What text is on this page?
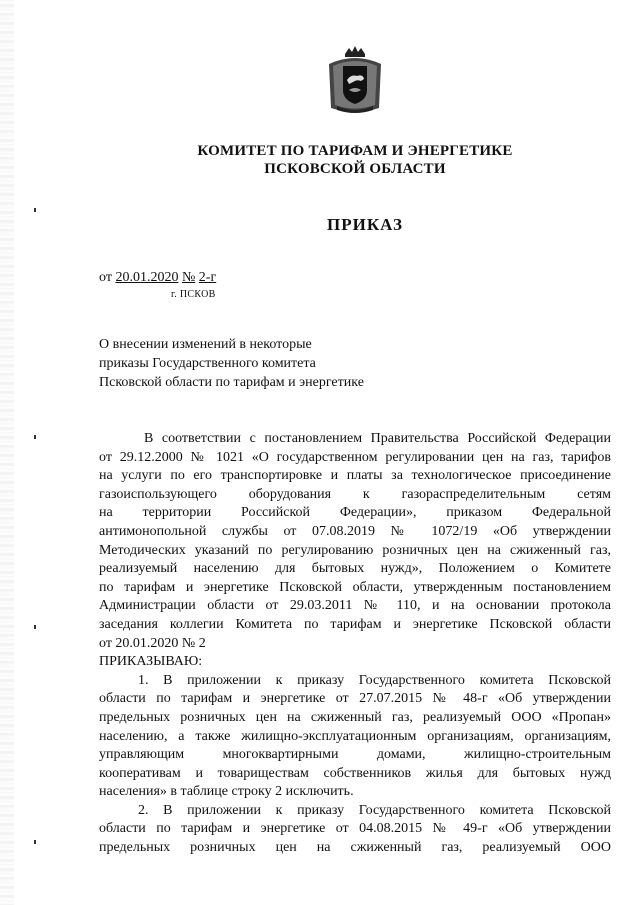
КОМИТЕТ ПО ТАРИФАМ И ЭНЕРГЕТИКЕ
ПСКОВСКОЙ ОБЛАСТИ
ПРИКАЗ
от 20.01.2020 № 2-г
г. ПСКОВ
О внесении изменений в некоторые
приказы Государственного комитета
Псковской области по тарифам и энергетике
В соответствии с постановлением Правительства Российской Федерации
от 29.12.2000 № 1021 «О государственном регулировании цен на газ, тарифов
на услуги по его транспортировке и платы за технологическое присоединение
газоиспользующего оборудования к газораспределительным сетям
на территории Российской Федерации», приказом Федеральной
антимонопольной службы от 07.08.2019 № 1072/19 «Об утверждении
Методических указаний по регулированию розничных цен на сжиженный газ,
реализуемый населению для бытовых нужд», Положением о Комитете
по тарифам и энергетике Псковской области, утвержденным постановлением
Администрации области от 29.03.2011 № 110, и на основании протокола
заседания коллегии Комитета по тарифам и энергетике Псковской области
от 20.01.2020 № 2
ПРИКАЗЫВАЮ:
1. В приложении к приказу Государственного комитета Псковской
области по тарифам и энергетике от 27.07.2015 № 48-г «Об утверждении
предельных розничных цен на сжиженный газ, реализуемый ООО «Пропан»
населению, а также жилищно-эксплуатационным организациям, организациям,
управляющим многоквартирными домами, жилищно-строительным
кооперативам и товариществам собственников жилья для бытовых нужд
населения» в таблице строку 2 исключить.
2. В приложении к приказу Государственного комитета Псковской
области по тарифам и энергетике от 04.08.2015 № 49-г «Об утверждении
предельных розничных цен на сжиженный газ, реализуемый ООО
